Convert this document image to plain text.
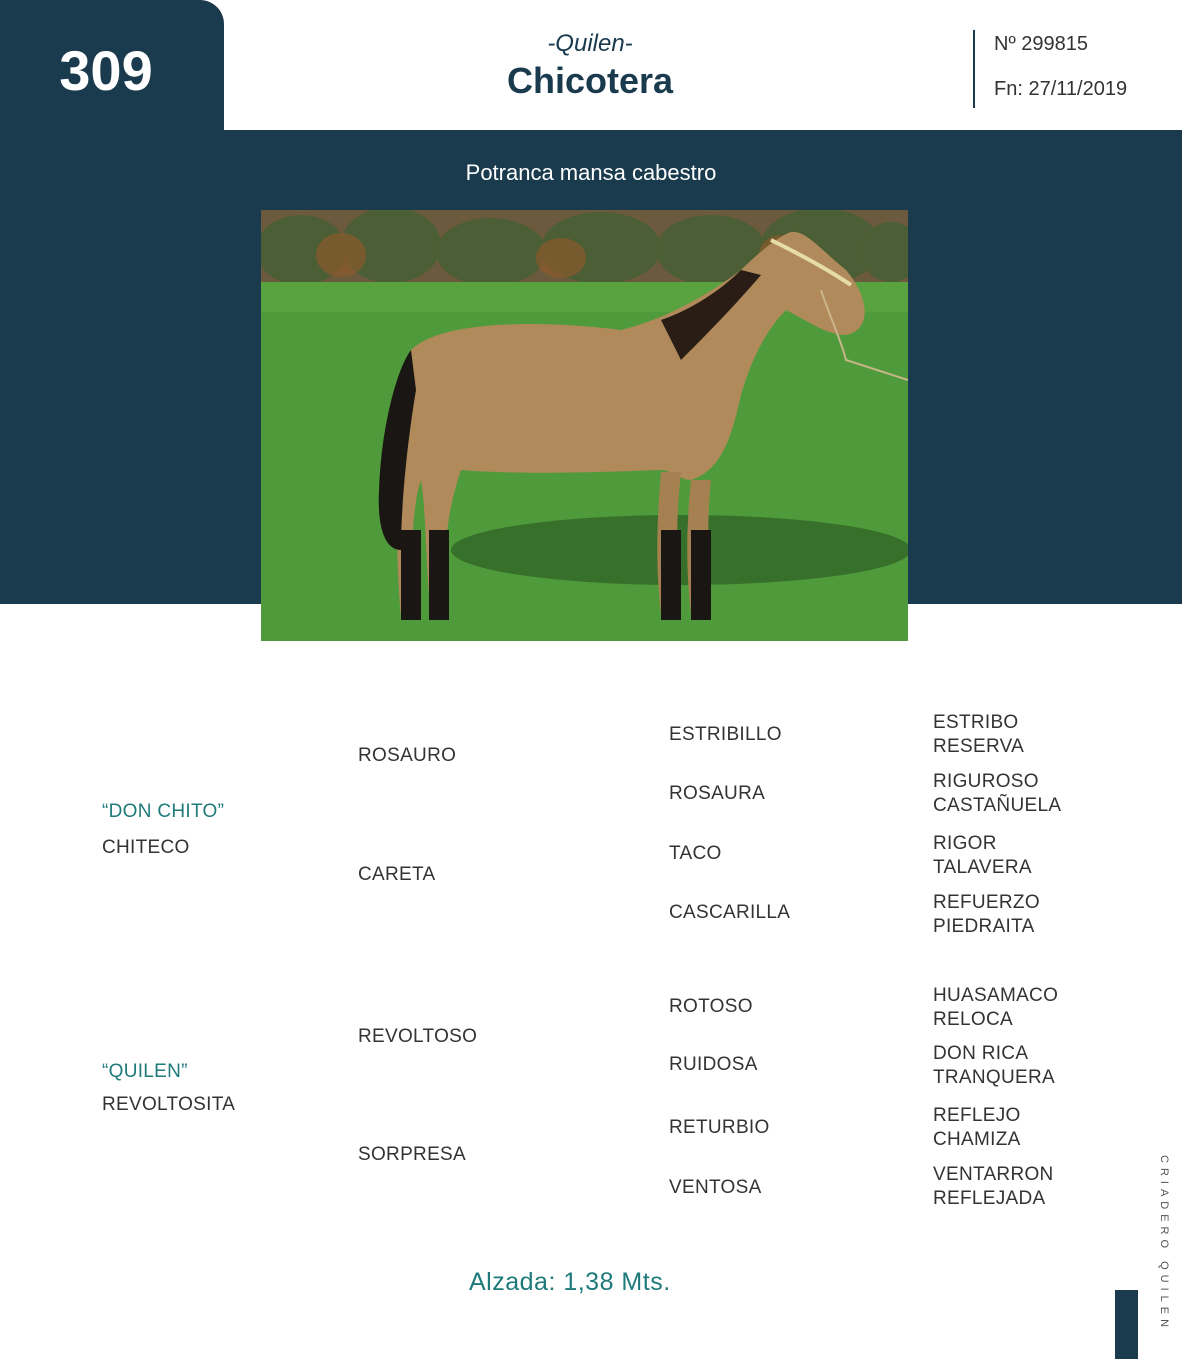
309	-Quilen-
Chicotera
Nº 299815
Fn: 27/11/2019
Potranca mansa cabestro
“DON CHITO”
CHITECO
“QUILEN”
REVOLTOSITA
ROSAURO
CARETA
REVOLTOSO
SORPRESA
ESTRIBILLO
ROSAURA
TACO
CASCARILLA
ROTOSO
RUIDOSA
RETURBIO
VENTOSA
ESTRIBO
RESERVA
RIGUROSO
CASTAÑUELA
RIGOR
TALAVERA
REFUERZO
PIEDRAITA
HUASAMACO
RELOCA
DON RICA
TRANQUERA
REFLEJO
CHAMIZA
VENTARRON
REFLEJADA
Alzada: 1,38 Mts.	CRIADERO QUILEN
